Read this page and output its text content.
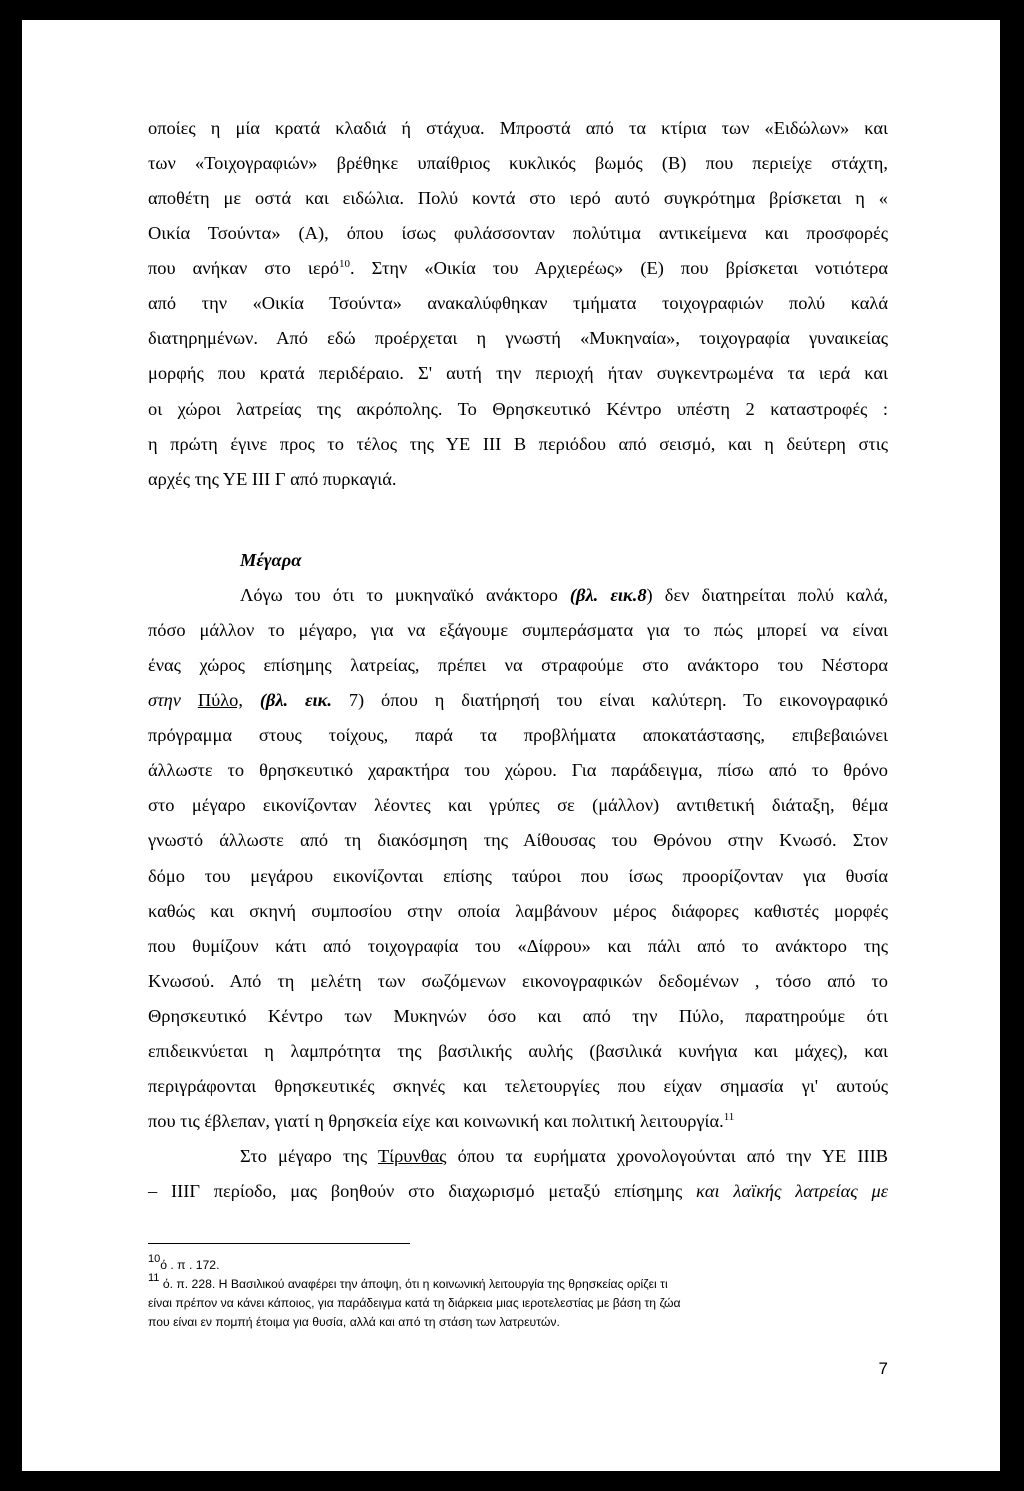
οποίες η μία κρατά κλαδιά ή στάχυα. Μπροστά από τα κτίρια των «Ειδώλων» και
των «Τοιχογραφιών» βρέθηκε υπαίθριος κυκλικός βωμός (Β) που περιείχε στάχτη,
αποθέτη με οστά και ειδώλια. Πολύ κοντά στο ιερό αυτό συγκρότημα βρίσκεται η «
Οικία Τσούντα» (Α), όπου ίσως φυλάσσονταν πολύτιμα αντικείμενα και προσφορές
που ανήκαν στο ιερό$^{10}$. Στην «Οικία του Αρχιερέως» (Ε) που βρίσκεται νοτιότερα
από την «Οικία Τσούντα» ανακαλύφθηκαν τμήματα τοιχογραφιών πολύ καλά
διατηρημένων. Από εδώ προέρχεται η γνωστή «Μυκηναία», τοιχογραφία γυναικείας
μορφής που κρατά περιδέραιο. Σ' αυτή την περιοχή ήταν συγκεντρωμένα τα ιερά και
οι χώροι λατρείας της ακρόπολης. Το Θρησκευτικό Κέντρο υπέστη 2 καταστροφές :
η πρώτη έγινε προς το τέλος της ΥΕ ΙΙΙ Β περιόδου από σεισμό, και η δεύτερη στις
αρχές της ΥΕ ΙΙΙ Γ από πυρκαγιά.
Μέγαρα
Λόγω του ότι το μυκηναϊκό ανάκτορο (βλ. εικ.8) δεν διατηρείται πολύ καλά,
πόσο μάλλον το μέγαρο, για να εξάγουμε συμπεράσματα για το πώς μπορεί να είναι
ένας χώρος επίσημης λατρείας, πρέπει να στραφούμε στο ανάκτορο του Νέστορα
στην Πύλο, (βλ. εικ. 7) όπου η διατήρησή του είναι καλύτερη. Το εικονογραφικό
πρόγραμμα στους τοίχους, παρά τα προβλήματα αποκατάστασης, επιβεβαιώνει
άλλωστε το θρησκευτικό χαρακτήρα του χώρου. Για παράδειγμα, πίσω από το θρόνο
στο μέγαρο εικονίζονταν λέοντες και γρύπες σε (μάλλον) αντιθετική διάταξη, θέμα
γνωστό άλλωστε από τη διακόσμηση της Αίθουσας του Θρόνου στην Κνωσό. Στον
δόμο του μεγάρου εικονίζονται επίσης ταύροι που ίσως προορίζονταν για θυσία
καθώς και σκηνή συμποσίου στην οποία λαμβάνουν μέρος διάφορες καθιστές μορφές
που θυμίζουν κάτι από τοιχογραφία του «Δίφρου» και πάλι από το ανάκτορο της
Κνωσού. Από τη μελέτη των σωζόμενων εικονογραφικών δεδομένων , τόσο από το
Θρησκευτικό Κέντρο των Μυκηνών όσο και από την Πύλο, παρατηρούμε ότι
επιδεικνύεται η λαμπρότητα της βασιλικής αυλής (βασιλικά κυνήγια και μάχες), και
περιγράφονται θρησκευτικές σκηνές και τελετουργίες που είχαν σημασία γι' αυτούς
που τις έβλεπαν, γιατί η θρησκεία είχε και κοινωνική και πολιτική λειτουργία.$^{11}$
Στο μέγαρο της Τίρυνθας όπου τα ευρήματα χρονολογούνται από την ΥΕ ΙΙΙΒ
– ΙΙΙΓ περίοδο, μας βοηθούν στο διαχωρισμό μεταξύ επίσημης και λαϊκής λατρείας με
$^{10}$ό . π . 172.
$^{11}$ ό. π. 228. Η Βασιλικού αναφέρει την άποψη, ότι η κοινωνική λειτουργία της θρησκείας ορίζει τι
είναι πρέπον να κάνει κάποιος, για παράδειγμα κατά τη διάρκεια μιας ιεροτελεστίας με βάση τη ζώα
που είναι εν πομπή έτοιμα για θυσία, αλλά και από τη στάση των λατρευτών.
7
